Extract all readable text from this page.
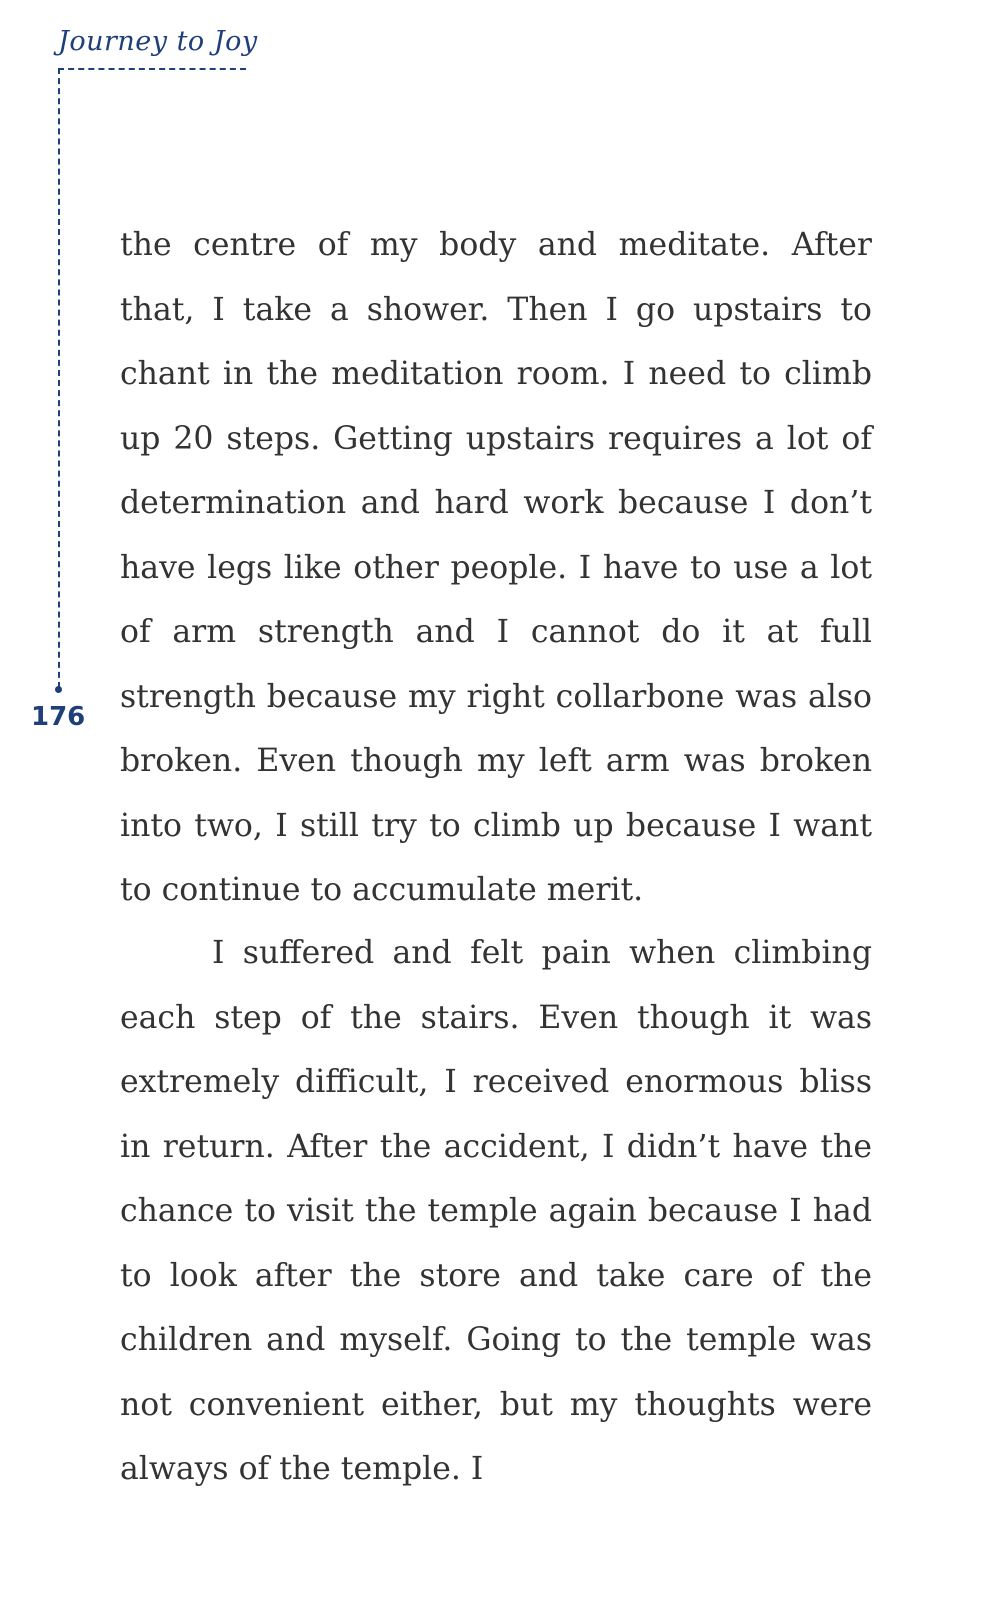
Journey to Joy
176

the centre of my body and meditate. After that, I take a shower. Then I go upstairs to chant in the meditation room. I need to climb up 20 steps. Getting upstairs requires a lot of determination and hard work because I don’t have legs like other people. I have to use a lot of arm strength and I cannot do it at full strength because my right collarbone was also broken. Even though my left arm was broken into two, I still try to climb up because I want to continue to accumulate merit.

I suffered and felt pain when climbing each step of the stairs. Even though it was extremely difficult, I received enormous bliss in return. After the accident, I didn’t have the chance to visit the temple again because I had to look after the store and take care of the children and myself. Going to the temple was not convenient either, but my thoughts were always of the temple. I
